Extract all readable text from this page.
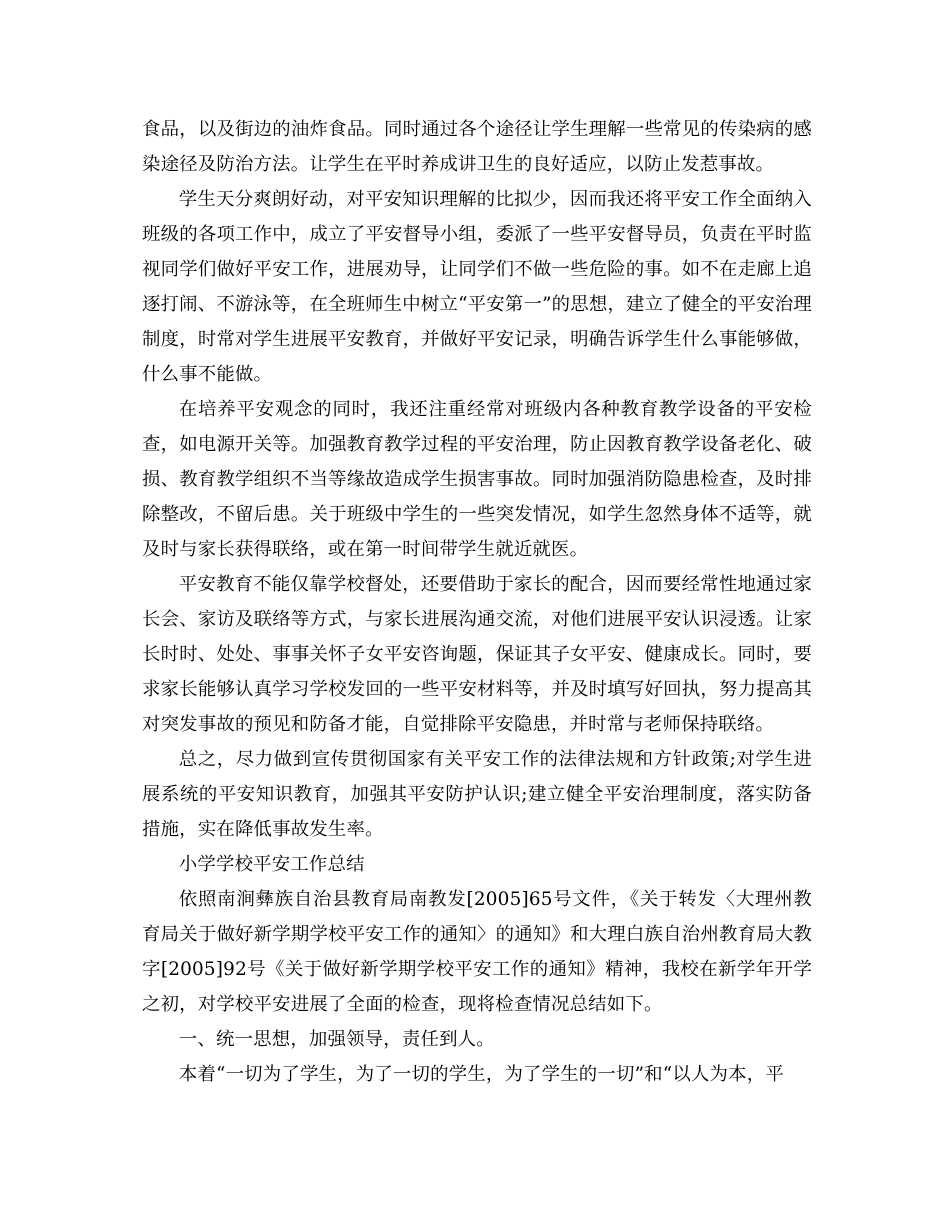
食品，以及街边的油炸食品。同时通过各个途径让学生理解一些常见的传染病的感染途径及防治方法。让学生在平时养成讲卫生的良好适应，以防止发惹事故。

学生天分爽朗好动，对平安知识理解的比拟少，因而我还将平安工作全面纳入班级的各项工作中，成立了平安督导小组，委派了一些平安督导员，负责在平时监视同学们做好平安工作，进展劝导，让同学们不做一些危险的事。如不在走廊上追逐打闹、不游泳等，在全班师生中树立“平安第一”的思想，建立了健全的平安治理制度，时常对学生进展平安教育，并做好平安记录，明确告诉学生什么事能够做，什么事不能做。

在培养平安观念的同时，我还注重经常对班级内各种教育教学设备的平安检查，如电源开关等。加强教育教学过程的平安治理，防止因教育教学设备老化、破损、教育教学组织不当等缘故造成学生损害事故。同时加强消防隐患检查，及时排除整改，不留后患。关于班级中学生的一些突发情况，如学生忽然身体不适等，就及时与家长获得联络，或在第一时间带学生就近就医。

平安教育不能仅靠学校督处，还要借助于家长的配合，因而要经常性地通过家长会、家访及联络等方式，与家长进展沟通交流，对他们进展平安认识浸透。让家长时时、处处、事事关怀子女平安咨询题，保证其子女平安、健康成长。同时，要求家长能够认真学习学校发回的一些平安材料等，并及时填写好回执，努力提高其对突发事故的预见和防备才能，自觉排除平安隐患，并时常与老师保持联络。

总之，尽力做到宣传贯彻国家有关平安工作的法律法规和方针政策;对学生进展系统的平安知识教育，加强其平安防护认识;建立健全平安治理制度，落实防备措施，实在降低事故发生率。

小学学校平安工作总结

依照南涧彝族自治县教育局南教发[2005]65号文件，《关于转发〈大理州教育局关于做好新学期学校平安工作的通知〉的通知》和大理白族自治州教育局大教字[2005]92号《关于做好新学期学校平安工作的通知》精神，我校在新学年开学之初，对学校平安进展了全面的检查，现将检查情况总结如下。

一、统一思想，加强领导，责任到人。

本着“一切为了学生，为了一切的学生，为了学生的一切”和“以人为本，平
